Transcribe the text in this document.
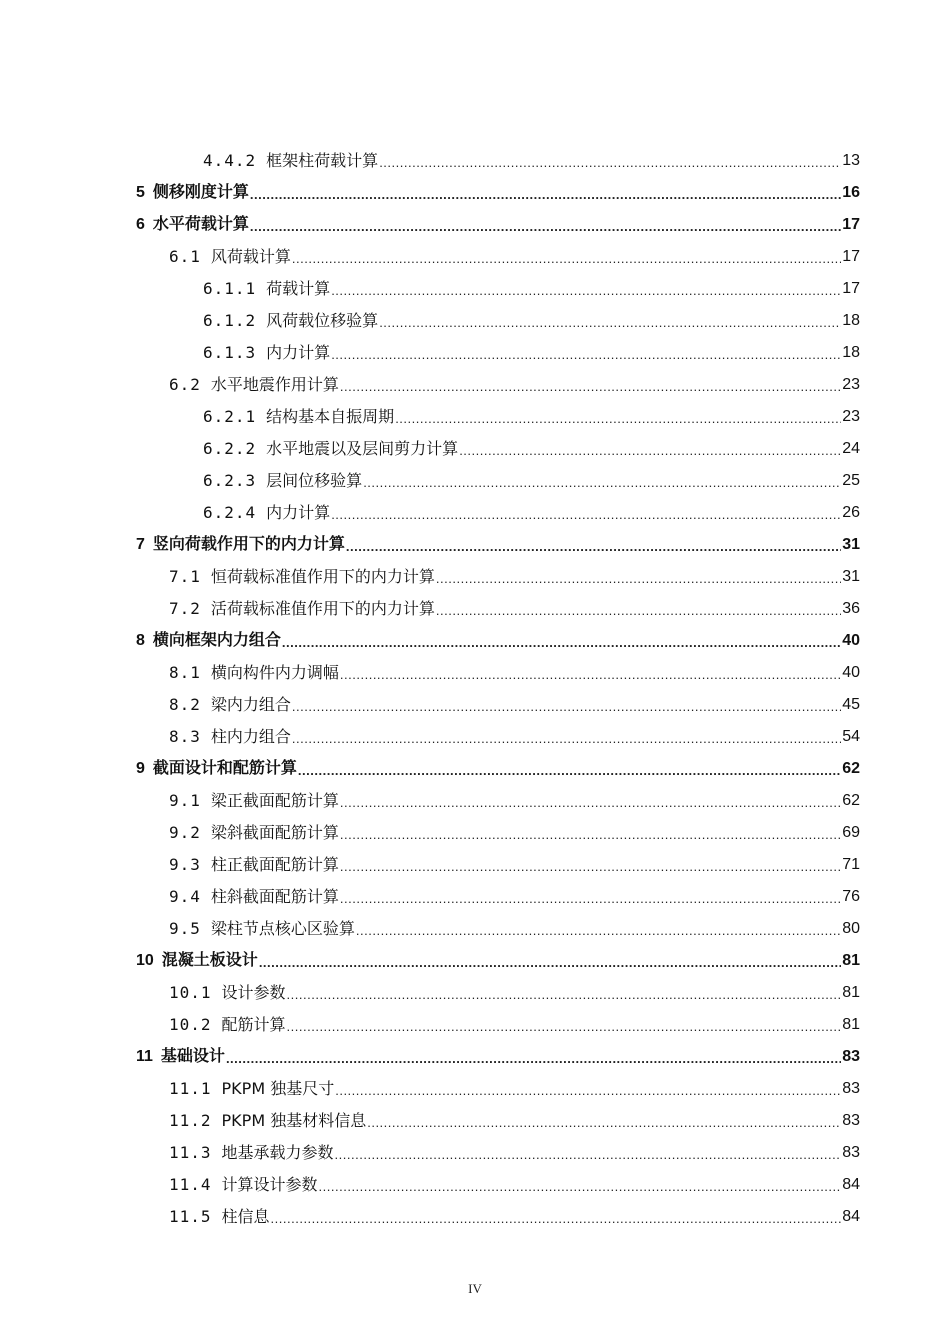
4.4.2 框架柱荷载计算 .....	13
5 侧移刚度计算 .....	16
6 水平荷载计算 .....	17
6.1 风荷载计算 .....	17
6.1.1 荷载计算 .....	17
6.1.2 风荷载位移验算 .....	18
6.1.3 内力计算 .....	18
6.2 水平地震作用计算 .....	23
6.2.1 结构基本自振周期 .....	23
6.2.2 水平地震以及层间剪力计算 .....	24
6.2.3 层间位移验算 .....	25
6.2.4 内力计算 .....	26
7 竖向荷载作用下的内力计算 .....	31
7.1 恒荷载标准值作用下的内力计算 .....	31
7.2 活荷载标准值作用下的内力计算 .....	36
8 横向框架内力组合 .....	40
8.1 横向构件内力调幅 .....	40
8.2 梁内力组合 .....	45
8.3 柱内力组合 .....	54
9 截面设计和配筋计算 .....	62
9.1 梁正截面配筋计算 .....	62
9.2 梁斜截面配筋计算 .....	69
9.3 柱正截面配筋计算 .....	71
9.4 柱斜截面配筋计算 .....	76
9.5 梁柱节点核心区验算 .....	80
10 混凝土板设计 .....	81
10.1 设计参数 .....	81
10.2 配筋计算 .....	81
11 基础设计 .....	83
11.1 PKPM 独基尺寸 .....	83
11.2 PKPM 独基材料信息 .....	83
11.3 地基承载力参数 .....	83
11.4 计算设计参数 .....	84
11.5 柱信息 .....	84
IV
